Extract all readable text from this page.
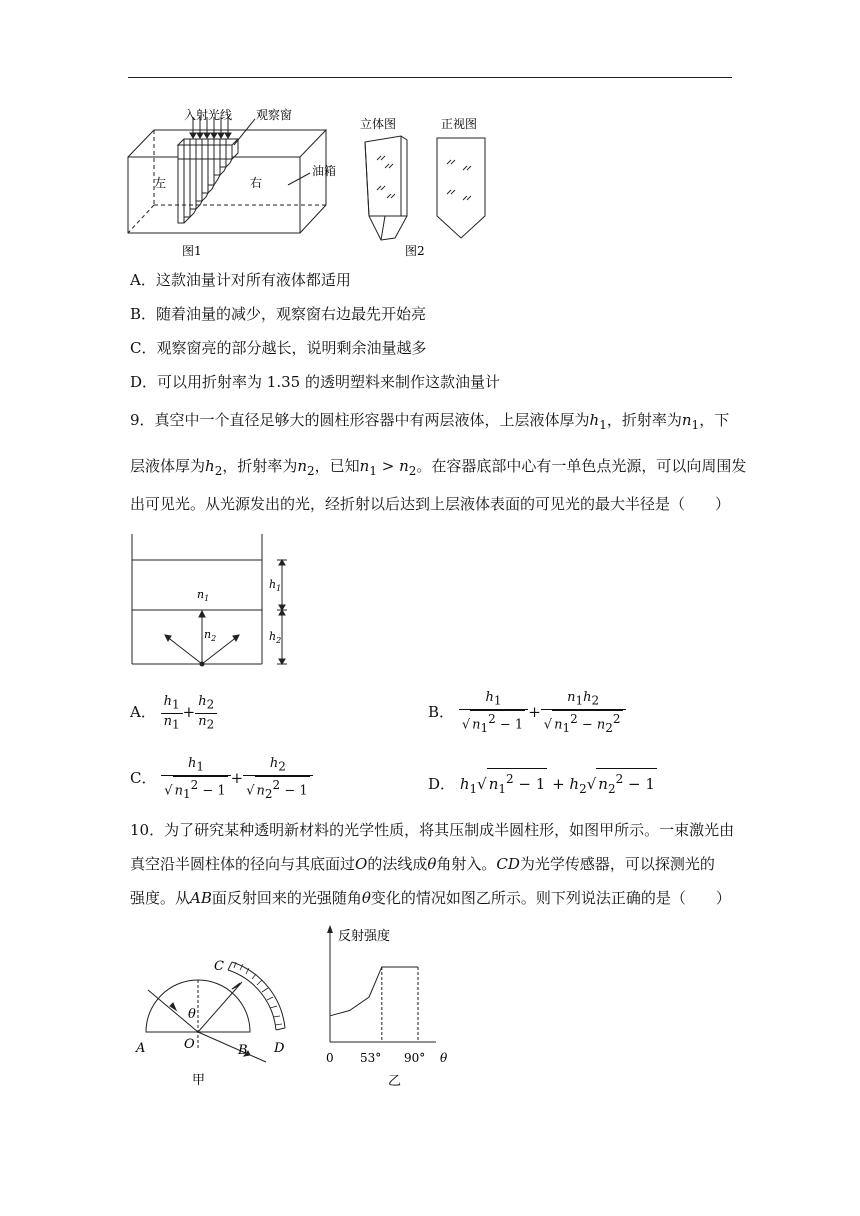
入射光线 观察窗
左	右
油箱
图1
立体图	正视图
图2
A．这款油量计对所有液体都适用
B．随着油量的减少，观察窗右边最先开始亮
C．观察窗亮的部分越长，说明剩余油量越多
D．可以用折射率为 1.35 的透明塑料来制作这款油量计
9．真空中一个直径足够大的圆柱形容器中有两层液体，上层液体厚为$h_1$，折射率为$n_1$，下
层液体厚为$h_2$，折射率为$n_2$，已知$n_1 > n_2$。在容器底部中心有一单色点光源，可以向周围发
出可见光。从光源发出的光，经折射以后达到上层液体表面的可见光的最大半径是（　　）
$n_1$
$n_2$
$h_1$
$h_2$
A． $\frac{h_1}{n_1} + \frac{h_2}{n_2}$	B． $\frac{h_1}{√ n_1^2 - 1} + \frac{n_1h_2}{√ n_1^2 - n_2^2}$
C． $\frac{h_1}{√ n_1^2 - 1} + \frac{h_2}{√ n_2^2 - 1}$	D． $h_1√$ $n_1^2 - 1 + h_2√$ $n_2^2 - 1$
10．为了研究某种透明新材料的光学性质，将其压制成半圆柱形，如图甲所示。一束激光由
真空沿半圆柱体的径向与其底面过O的法线成θ角射入。CD为光学传感器，可以探测光的
强度。从AB面反射回来的光强随角θ变化的情况如图乙所示。则下列说法正确的是（　　）
C
D
A	O	B
θ
甲
反射强度
0 53° 90° θ
乙
